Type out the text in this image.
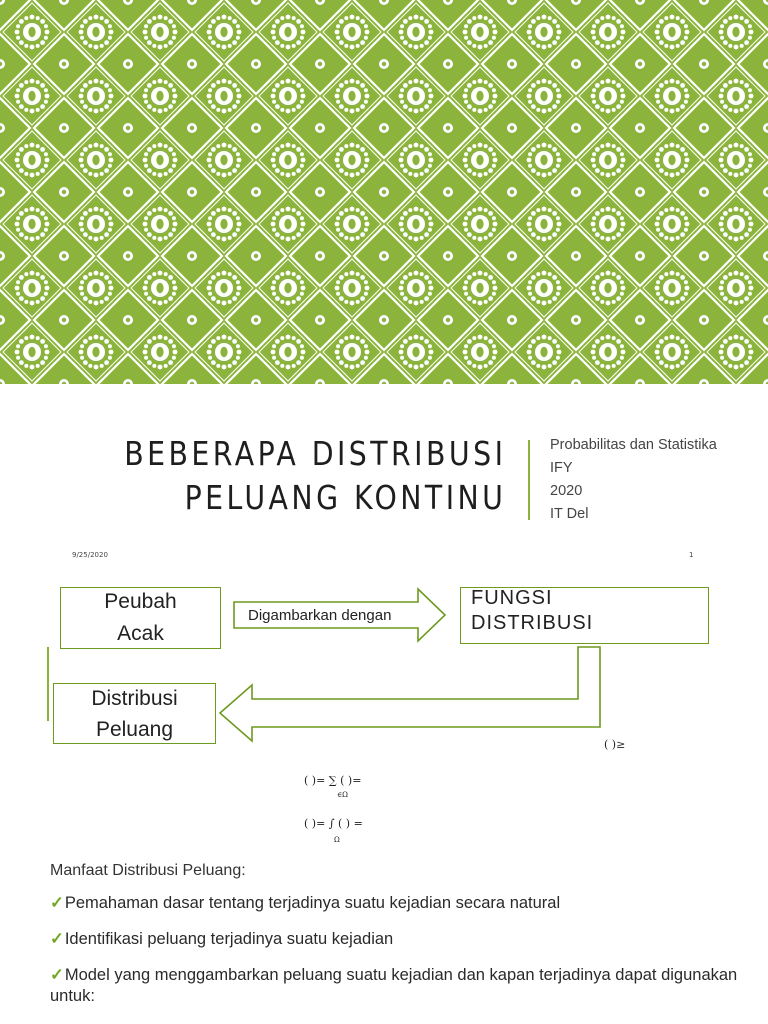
BEBERAPA DISTRIBUSI
PELUANG KONTINU
Probabilitas dan Statistika
IFY
2020
IT Del
9/25/2020	1
Peubah
Acak
Digambarkan dengan
FUNGSI
DISTRIBUSI
Distribusi
Peluang
( )≥
( )= ∑ ( )=
∈Ω
( )= ∫ ( ) =
Ω
Manfaat Distribusi Peluang:
✓Pemahaman dasar tentang terjadinya suatu kejadian secara natural
✓Identifikasi peluang terjadinya suatu kejadian
✓Model yang menggambarkan peluang suatu kejadian dan kapan terjadinya dapat digunakan untuk:
